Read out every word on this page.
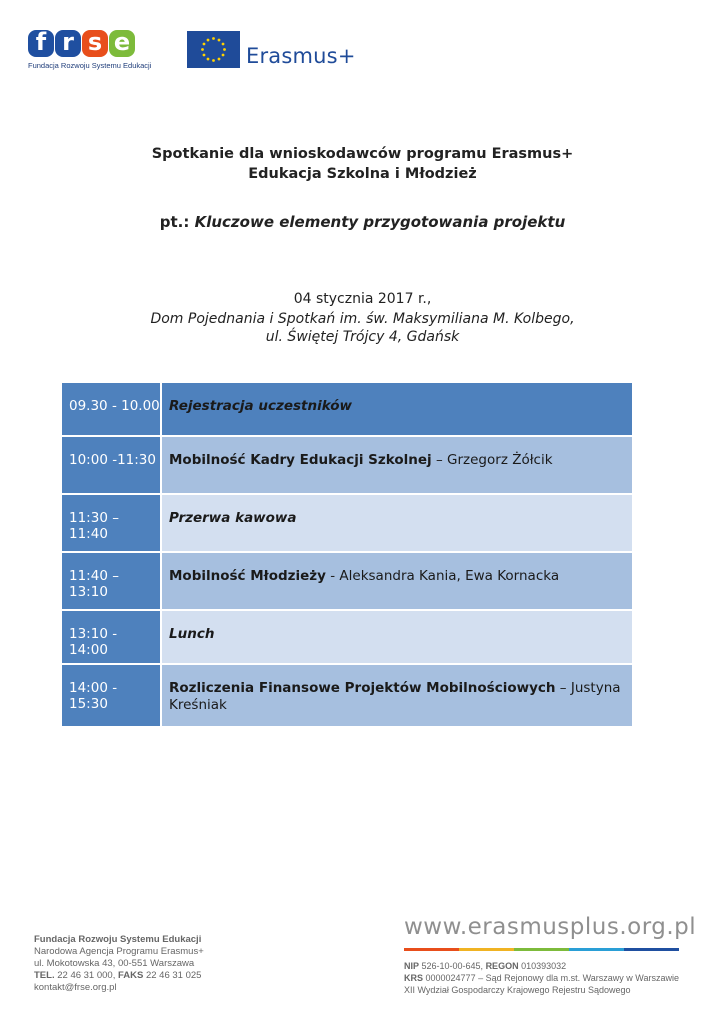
f r s e
Fundacja Rozwoju Systemu Edukacji	Erasmus+
Spotkanie dla wnioskodawców programu Erasmus+
Edukacja Szkolna i Młodzież
pt.: Kluczowe elementy przygotowania projektu
04 stycznia 2017 r.,
Dom Pojednania i Spotkań im. św. Maksymiliana M. Kolbego,
ul. Świętej Trójcy 4, Gdańsk
09.30 - 10.00 Rejestracja uczestników
10:00 -11:30 Mobilność Kadry Edukacji Szkolnej – Grzegorz Żółcik
11:30 – 11:40
Przerwa kawowa
11:40 – 13:10
Mobilność Młodzieży - Aleksandra Kania, Ewa Kornacka
13:10 - 14:00
Lunch
14:00 - 15:30
Rozliczenia Finansowe Projektów Mobilnościowych – Justyna Kreśniak
Fundacja Rozwoju Systemu Edukacji
Narodowa Agencja Programu Erasmus+
ul. Mokotowska 43, 00-551 Warszawa
TEL. 22 46 31 000, FAKS 22 46 31 025
kontakt@frse.org.pl
www.erasmusplus.org.pl
NIP 526-10-00-645, REGON 010393032
KRS 0000024777 – Sąd Rejonowy dla m.st. Warszawy w Warszawie
XII Wydział Gospodarczy Krajowego Rejestru Sądowego
